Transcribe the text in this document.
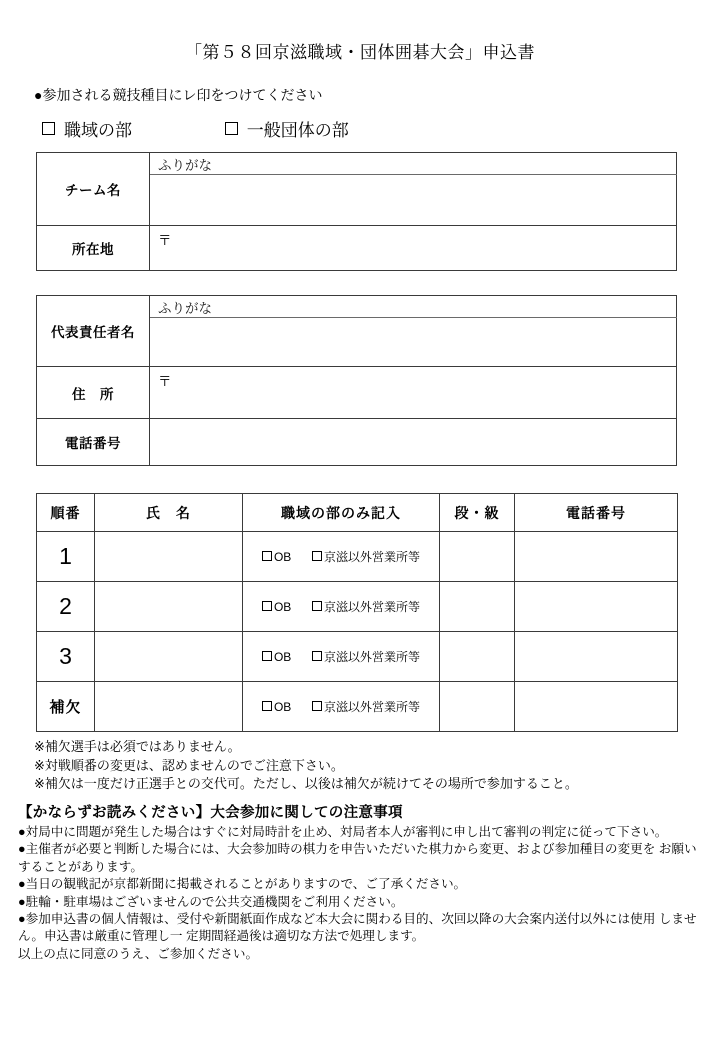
「第５８回京滋職域・団体囲碁大会」申込書
●参加される競技種目にレ印をつけてください
職域の部	一般団体の部
チーム名	ふりがな

所在地	〒
代表責任者名	ふりがな

住　所	〒
電話番号	
順番	氏　名	職域の部のみ記入	段・級	電話番号
1		OB 京滋以外営業所等		
2		OB 京滋以外営業所等		
3		OB 京滋以外営業所等		
補欠		OB 京滋以外営業所等		
※補欠選手は必須ではありません。
※対戦順番の変更は、認めませんのでご注意下さい。
※補欠は一度だけ正選手との交代可。ただし、以後は補欠が続けてその場所で参加すること。
【かならずお読みください】大会参加に関しての注意事項
●対局中に問題が発生した場合はすぐに対局時計を止め、対局者本人が審判に申し出て審判の判定に従って下さい。
●主催者が必要と判断した場合には、大会参加時の棋力を申告いただいた棋力から変更、および参加種目の変更を お願いすることがあります。
●当日の観戦記が京都新聞に掲載されることがありますので、ご了承ください。
●駐輪・駐車場はございませんので公共交通機関をご利用ください。
●参加申込書の個人情報は、受付や新聞紙面作成など本大会に関わる目的、次回以降の大会案内送付以外には使用 しません。申込書は厳重に管理し一 定期間経過後は適切な方法で処理します。
以上の点に同意のうえ、ご参加ください。
